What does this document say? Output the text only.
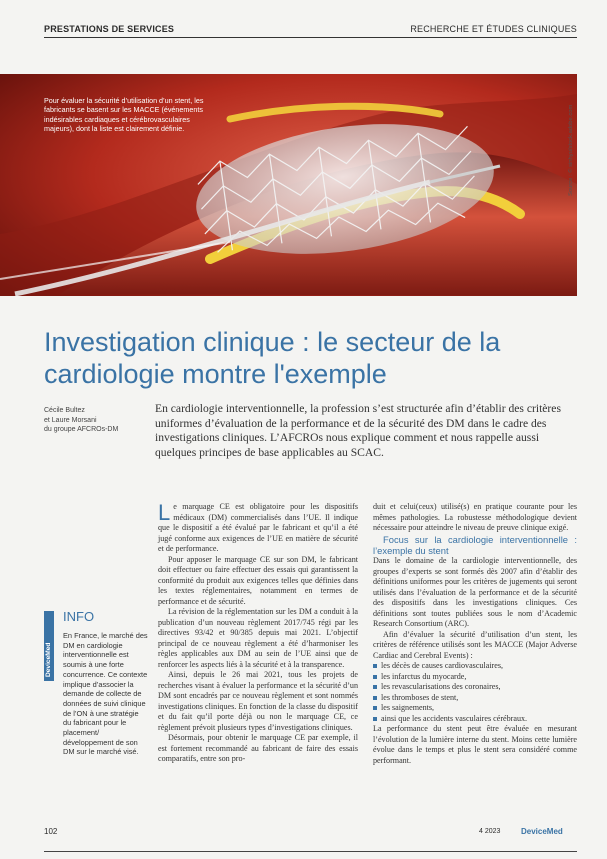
PRESTATIONS DE SERVICES	RECHERCHE ET ÉTUDES CLINIQUES
Pour évaluer la sécurité d’utilisation d’un stent, les fabricants se basent sur les MACCE (événements indésirables cardiaques et cérébrovasculaires majeurs), dont la liste est clairement définie.	Source : © sinhyu/stock.adobe.com
Investigation clinique : le secteur de la cardiologie montre l'exemple
Cécile Bultez
et Laure Morsani
du groupe AFCROs-DM
En cardiologie interventionnelle, la profession s’est structurée afin d’établir des critères uniformes d’évaluation de la performance et de la sécurité des DM dans le cadre des investigations cliniques. L’AFCROs nous explique comment et nous rappelle aussi quelques principes de base applicables au SCAC.
DeviceMed
INFO

En France, le marché des DM en cardiologie interventionnelle est soumis à une forte concurrence. Ce contexte implique d’associer la demande de collecte de données de suivi clinique de l’ON à une stratégie du fabricant pour le placement/ développement de son DM sur le marché visé.

Le marquage CE est obligatoire pour les dispositifs médicaux (DM) commercialisés dans l’UE. Il indique que le dispositif a été évalué par le fabricant et qu’il a été jugé conforme aux exigences de l’UE en matière de sécurité et de performance.

Pour apposer le marquage CE sur son DM, le fabricant doit effectuer ou faire effectuer des essais qui garantissent la conformité du produit aux exigences telles que définies dans les textes réglementaires, notamment en termes de performance et de sécurité.

La révision de la réglementation sur les DM a conduit à la publication d’un nouveau règlement 2017/745 régi par les directives 93/42 et 90/385 depuis mai 2021. L’objectif principal de ce nouveau règlement a été d’harmoniser les règles applicables aux DM au sein de l’UE ainsi que de renforcer les aspects liés à la sécurité et à la transparence.

Ainsi, depuis le 26 mai 2021, tous les projets de recherches visant à évaluer la performance et la sécurité d’un DM sont encadrés par ce nouveau règlement et sont nommés investigations cliniques. En fonction de la classe du dispositif et du fait qu’il porte déjà ou non le marquage CE, ce règlement prévoit plusieurs types d’investigations cliniques.

Désormais, pour obtenir le marquage CE par exemple, il est fortement recommandé au fabricant de faire des essais comparatifs, entre son pro-

duit et celui(ceux) utilisé(s) en pratique courante pour les mêmes pathologies. La robustesse méthodologique devient nécessaire pour atteindre le niveau de preuve clinique exigé.

Focus sur la cardiologie interventionnelle : l’exemple du stent

Dans le domaine de la cardiologie interventionnelle, des groupes d’experts se sont formés dès 2007 afin d’établir des définitions uniformes pour les critères de jugements qui seront utilisés dans l’évaluation de la performance et de la sécurité des dispositifs dans les investigations cliniques. Ces définitions sont toutes publiées sous le nom d’Academic Research Consortium (ARC).

Afin d’évaluer la sécurité d’utilisation d’un stent, les critères de référence utilisés sont les MACCE (Major Adverse Cardiac and Cerebral Events) :

les décès de causes cardiovasculaires,
les infarctus du myocarde,
les revascularisations des coronaires,
les thromboses de stent,
les saignements,
ainsi que les accidents vasculaires cérébraux.

La performance du stent peut être évaluée en mesurant l’évolution de la lumière interne du stent. Moins cette lumière évolue dans le temps et plus le stent sera considéré comme performant.

102	4 2023	DeviceMed
